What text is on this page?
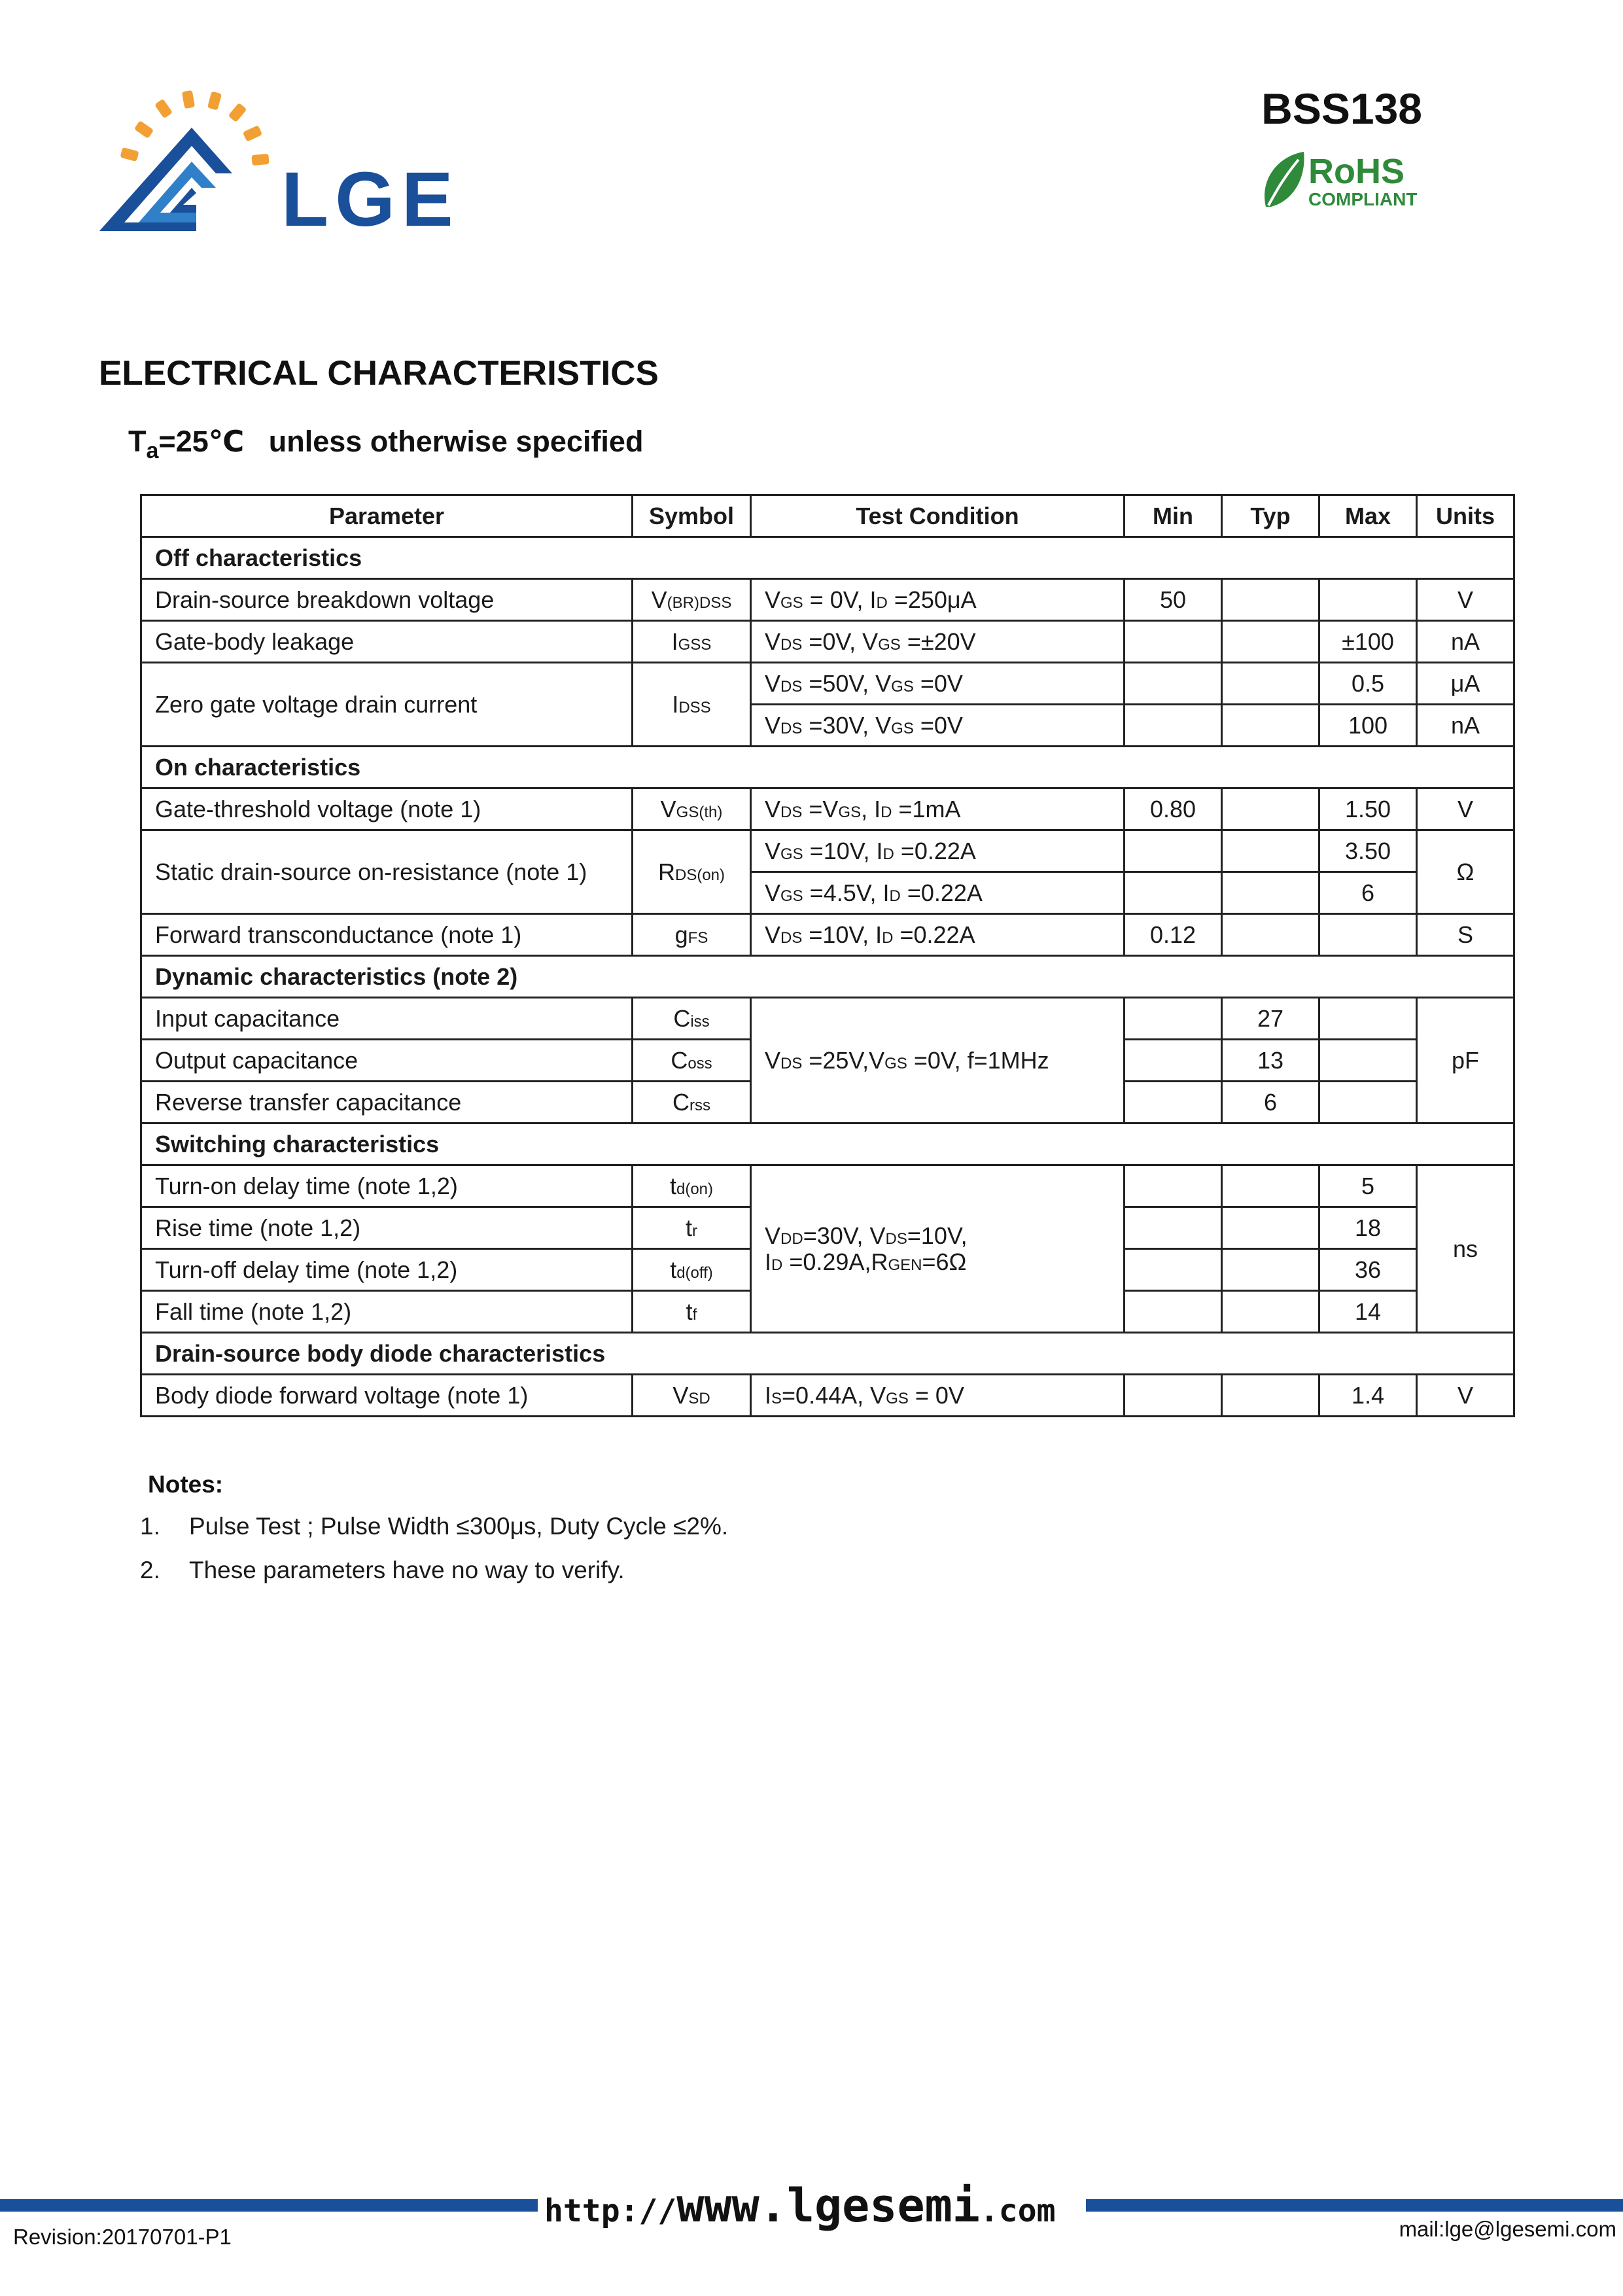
LGE
BSS138
RoHS
COMPLIANT
ELECTRICAL CHARACTERISTICS
$T_a=25℃$   unless otherwise specified
Parameter	Symbol	Test Condition	Min	Typ	Max	Units
Off characteristics						
Drain-source breakdown voltage	V(BR)DSS	VGS = 0V, ID =250μA	50			V
Gate-body leakage	IGSS	VDS =0V, VGS =±20V			±100	nA
Zero gate voltage drain current	IDSS	VDS =50V, VGS =0V			0.5	μA
		VDS =30V, VGS =0V			100	nA
On characteristics						
Gate-threshold voltage (note 1)	VGS(th)	VDS =VGS, ID =1mA	0.80		1.50	V
Static drain-source on-resistance (note 1)	RDS(on)	VGS =10V, ID =0.22A			3.50	Ω
		VGS =4.5V, ID =0.22A			6	
Forward transconductance (note 1)	gFS	VDS =10V, ID =0.22A	0.12			S
Dynamic characteristics (note 2)						
Input capacitance	Ciss	VDS =25V,VGS =0V, f=1MHz		27		pF
Output capacitance	Coss			13		
Reverse transfer capacitance	Crss			6		
Switching characteristics						
Turn-on delay time (note 1,2)	td(on)	VDD=30V, VDS=10V,
ID =0.29A,RGEN=6Ω			5	ns
Rise time (note 1,2)	tr				18	
Turn-off delay time (note 1,2)	td(off)				36	
Fall time (note 1,2)	tf				14	
Drain-source body diode characteristics						
Body diode forward voltage (note 1)	VSD	IS=0.44A, VGS = 0V			1.4	V
Notes:
1. Pulse Test ; Pulse Width ≤300μs, Duty Cycle ≤2%.
2. These parameters have no way to verify.
http://www.lgesemi.com
Revision:20170701-P1	mail:lge@lgesemi.com
